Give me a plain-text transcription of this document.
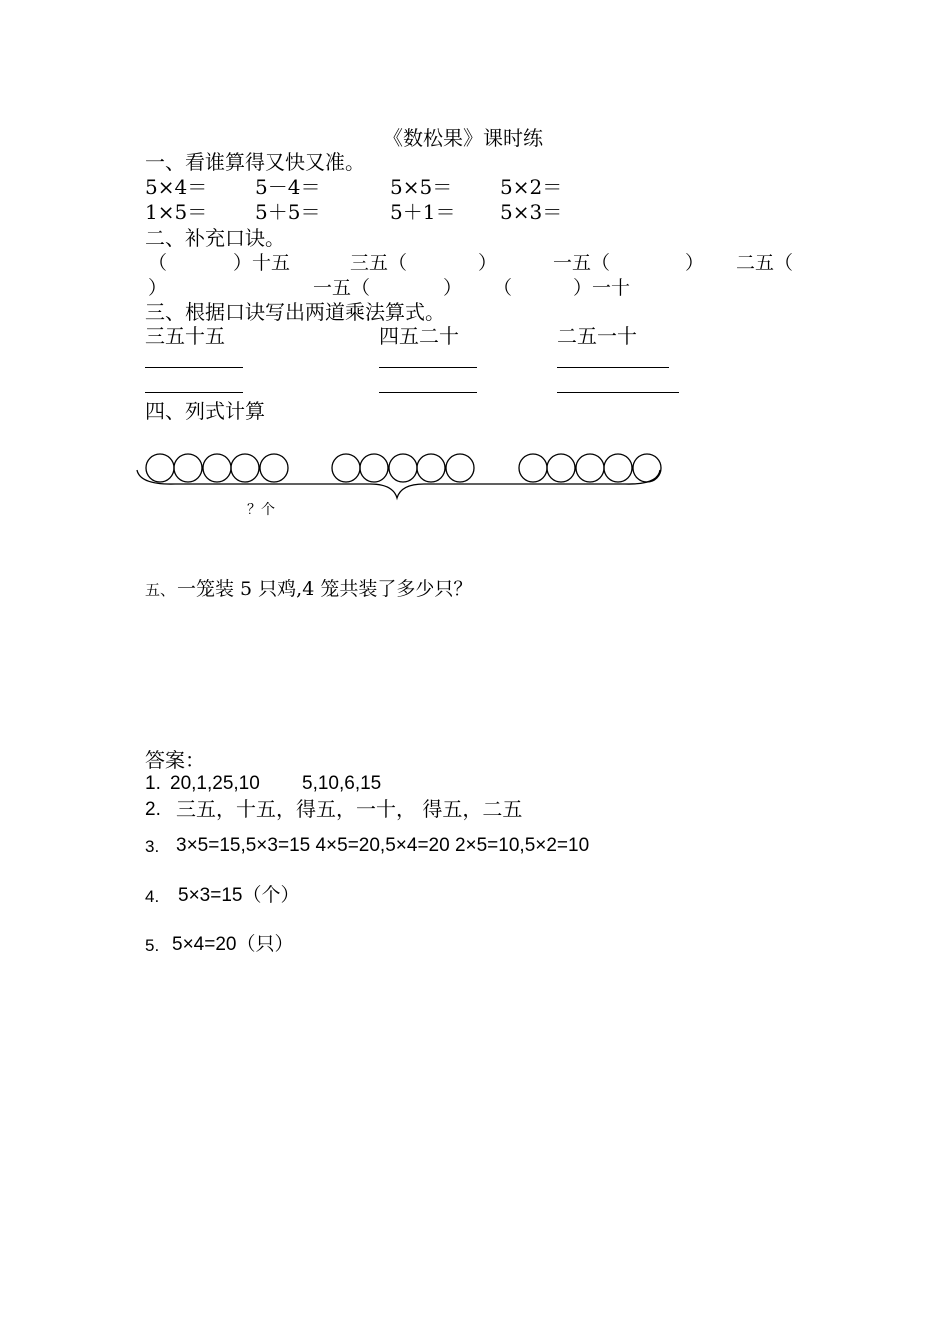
《数松果》课时练
一、看谁算得又快又准。
5×4＝ 5－4＝	5×5＝ 5×2＝
1×5＝ 5＋5＝	5＋1＝ 5×3＝
二、补充口诀。
（	）十五	三五（	）	一五（	） 二五（
）	一五（	） （	）一十
三、根据口诀写出两道乘法算式。
三五十五	四五二十	二五一十
四、列式计算
？个
五、 一笼装 5 只鸡,4 笼共装了多少只？
答案：
1. 20,1,25,10 5,10,6,15
2. 三五，十五，得五，一十， 得五，二五
3. 3×5=15,5×3=15 4×5=20,5×4=20 2×5=10,5×2=10
4. 5×3=15（个）
5. 5×4=20（只）
